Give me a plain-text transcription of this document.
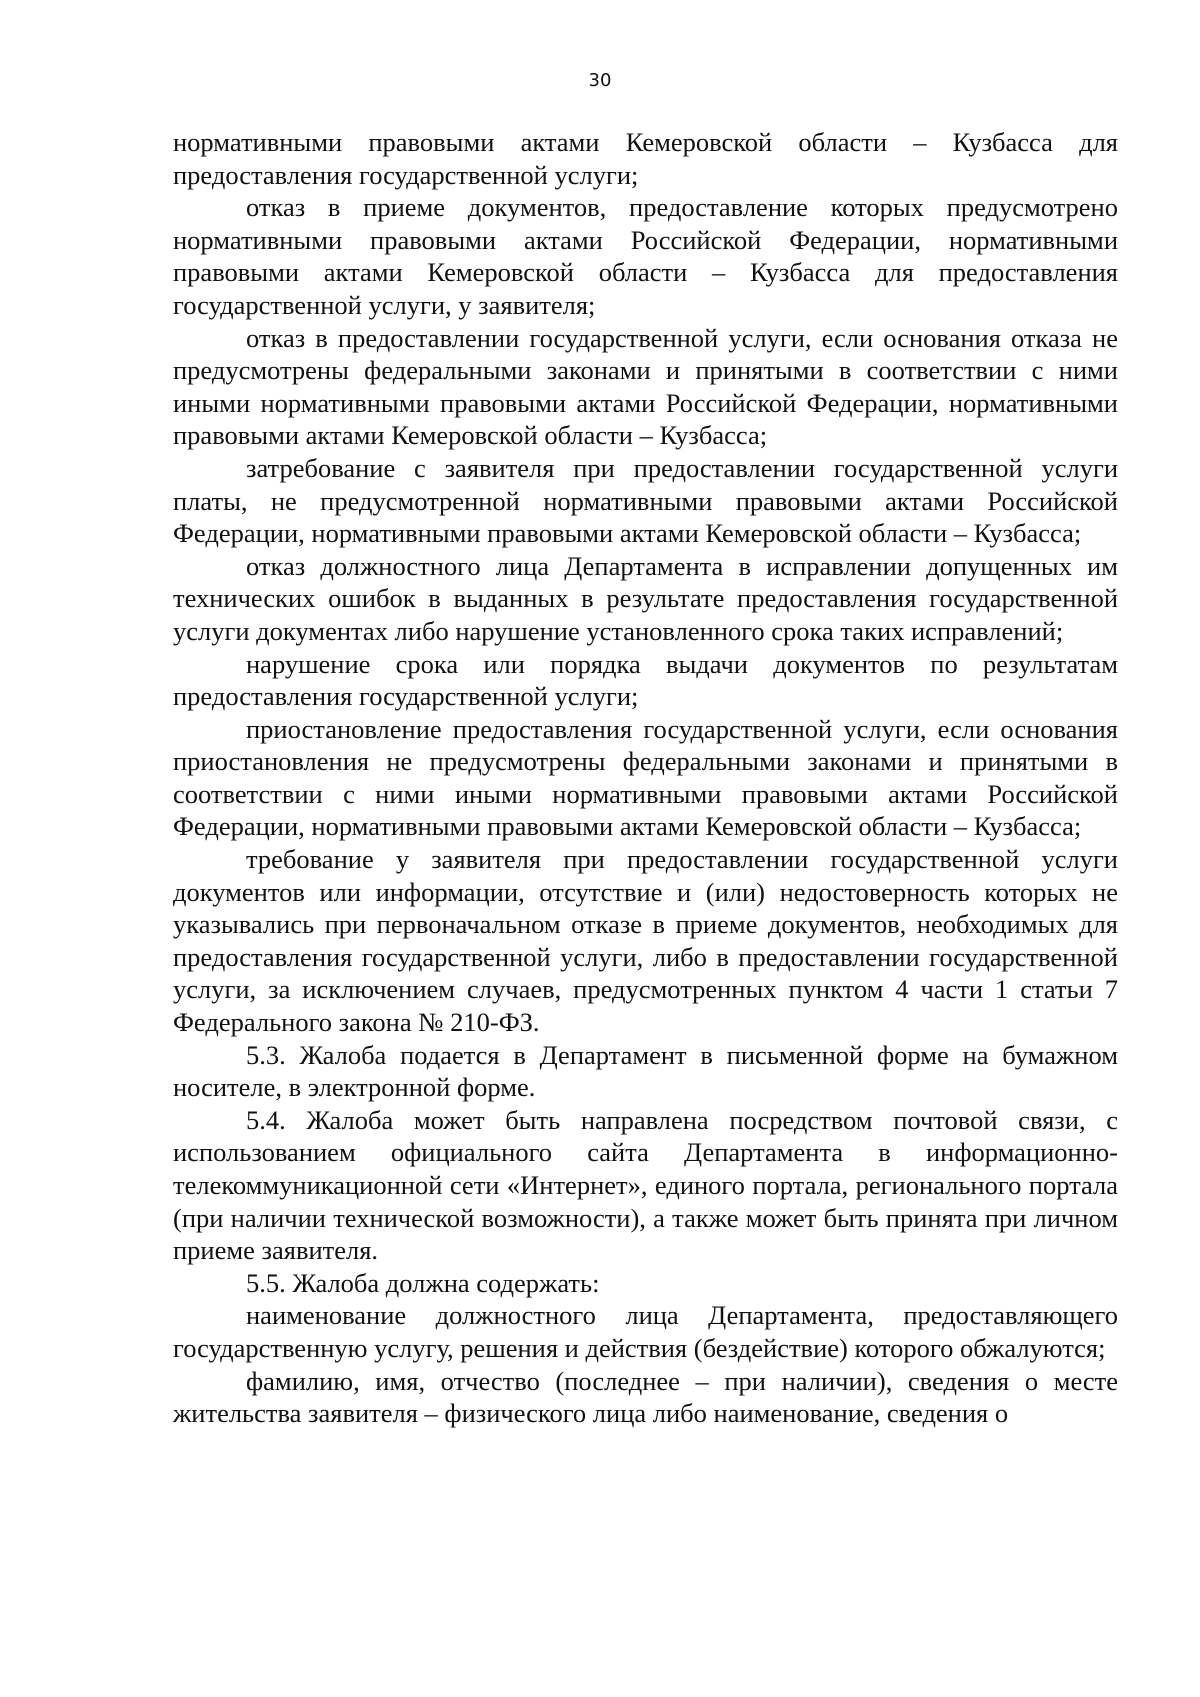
30

нормативными правовыми актами Кемеровской области – Кузбасса для предоставления государственной услуги;

отказ в приеме документов, предоставление которых предусмотрено нормативными правовыми актами Российской Федерации, нормативными правовыми актами Кемеровской области – Кузбасса для предоставления государственной услуги, у заявителя;

отказ в предоставлении государственной услуги, если основания отказа не предусмотрены федеральными законами и принятыми в соответствии с ними иными нормативными правовыми актами Российской Федерации, нормативными правовыми актами Кемеровской области – Кузбасса;

затребование с заявителя при предоставлении государственной услуги платы, не предусмотренной нормативными правовыми актами Российской Федерации, нормативными правовыми актами Кемеровской области – Кузбасса;

отказ должностного лица Департамента в исправлении допущенных им технических ошибок в выданных в результате предоставления государственной услуги документах либо нарушение установленного срока таких исправлений;

нарушение срока или порядка выдачи документов по результатам предоставления государственной услуги;

приостановление предоставления государственной услуги, если основания приостановления не предусмотрены федеральными законами и принятыми в соответствии с ними иными нормативными правовыми актами Российской Федерации, нормативными правовыми актами Кемеровской области – Кузбасса;

требование у заявителя при предоставлении государственной услуги документов или информации, отсутствие и (или) недостоверность которых не указывались при первоначальном отказе в приеме документов, необходимых для предоставления государственной услуги, либо в предоставлении государственной услуги, за исключением случаев, предусмотренных пунктом 4 части 1 статьи 7 Федерального закона № 210-ФЗ.

5.3. Жалоба подается в Департамент в письменной форме на бумажном носителе, в электронной форме.

5.4. Жалоба может быть направлена посредством почтовой связи, с использованием официального сайта Департамента в информационно-телекоммуникационной сети «Интернет», единого портала, регионального портала (при наличии технической возможности), а также может быть принята при личном приеме заявителя.

5.5. Жалоба должна содержать:

наименование должностного лица Департамента, предоставляющего государственную услугу, решения и действия (бездействие) которого обжалуются;

фамилию, имя, отчество (последнее – при наличии), сведения о месте жительства заявителя – физического лица либо наименование, сведения о
